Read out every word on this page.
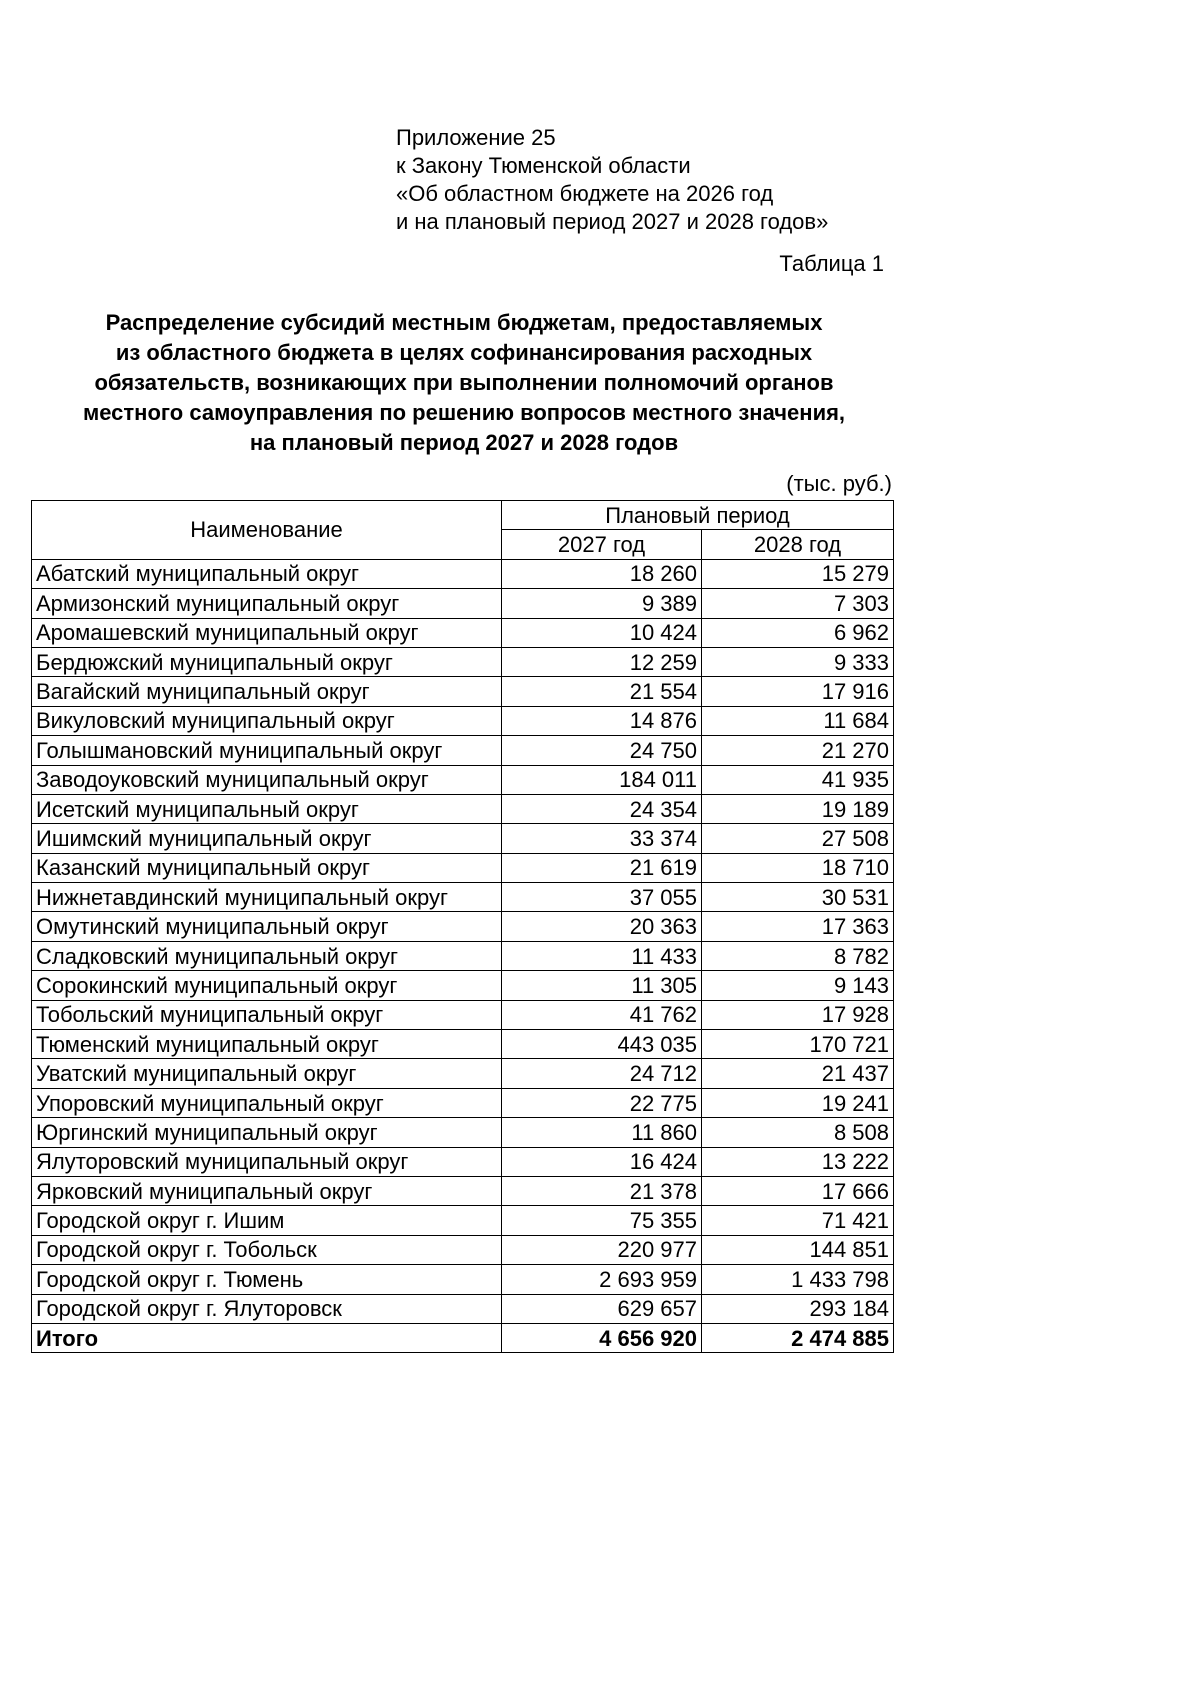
Приложение 25
к Закону Тюменской области
«Об областном бюджете на 2026 год
и на плановый период 2027 и 2028 годов»
Таблица 1
Распределение субсидий местным бюджетам, предоставляемых
из областного бюджета в целях софинансирования расходных
обязательств, возникающих при выполнении полномочий органов
местного самоуправления по решению вопросов местного значения,
на плановый период 2027 и 2028 годов
(тыс. руб.)
Наименование	Плановый период	
	2027 год	2028 год
Абатский муниципальный округ	18 260	15 279
Армизонский муниципальный округ	9 389	7 303
Аромашевский муниципальный округ	10 424	6 962
Бердюжский муниципальный округ	12 259	9 333
Вагайский муниципальный округ	21 554	17 916
Викуловский муниципальный округ	14 876	11 684
Голышмановский муниципальный округ	24 750	21 270
Заводоуковский муниципальный округ	184 011	41 935
Исетский муниципальный округ	24 354	19 189
Ишимский муниципальный округ	33 374	27 508
Казанский муниципальный округ	21 619	18 710
Нижнетавдинский муниципальный округ	37 055	30 531
Омутинский муниципальный округ	20 363	17 363
Сладковский муниципальный округ	11 433	8 782
Сорокинский муниципальный округ	11 305	9 143
Тобольский муниципальный округ	41 762	17 928
Тюменский муниципальный округ	443 035	170 721
Уватский муниципальный округ	24 712	21 437
Упоровский муниципальный округ	22 775	19 241
Юргинский муниципальный округ	11 860	8 508
Ялуторовский муниципальный округ	16 424	13 222
Ярковский муниципальный округ	21 378	17 666
Городской округ г. Ишим	75 355	71 421
Городской округ г. Тобольск	220 977	144 851
Городской округ г. Тюмень	2 693 959	1 433 798
Городской округ г. Ялуторовск	629 657	293 184
Итого	4 656 920	2 474 885
